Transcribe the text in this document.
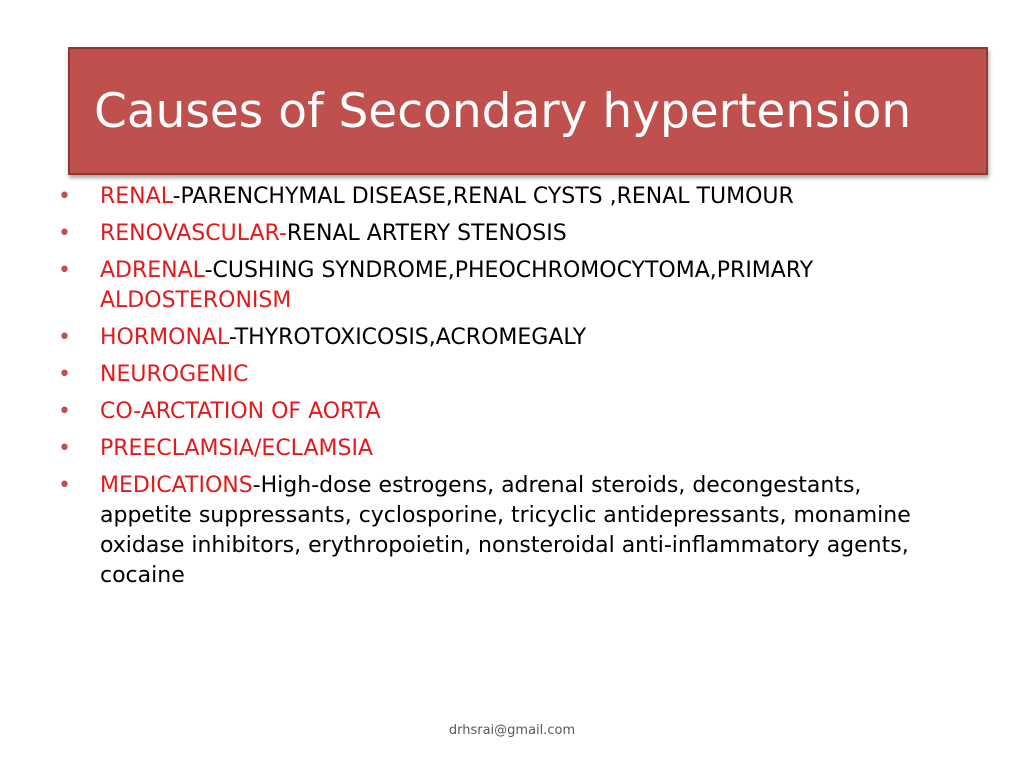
Causes of Secondary hypertension
• RENAL-PARENCHYMAL DISEASE,RENAL CYSTS ,RENAL TUMOUR
• RENOVASCULAR-RENAL ARTERY STENOSIS
• ADRENAL-CUSHING SYNDROME,PHEOCHROMOCYTOMA,PRIMARY ALDOSTERONISM
• HORMONAL-THYROTOXICOSIS,ACROMEGALY
• NEUROGENIC
• CO-ARCTATION OF AORTA
• PREECLAMSIA/ECLAMSIA
• MEDICATIONS-High-dose estrogens, adrenal steroids, decongestants, appetite suppressants, cyclosporine, tricyclic antidepressants, monamine oxidase inhibitors, erythropoietin, nonsteroidal anti-inflammatory agents, cocaine
drhsrai@gmail.com
